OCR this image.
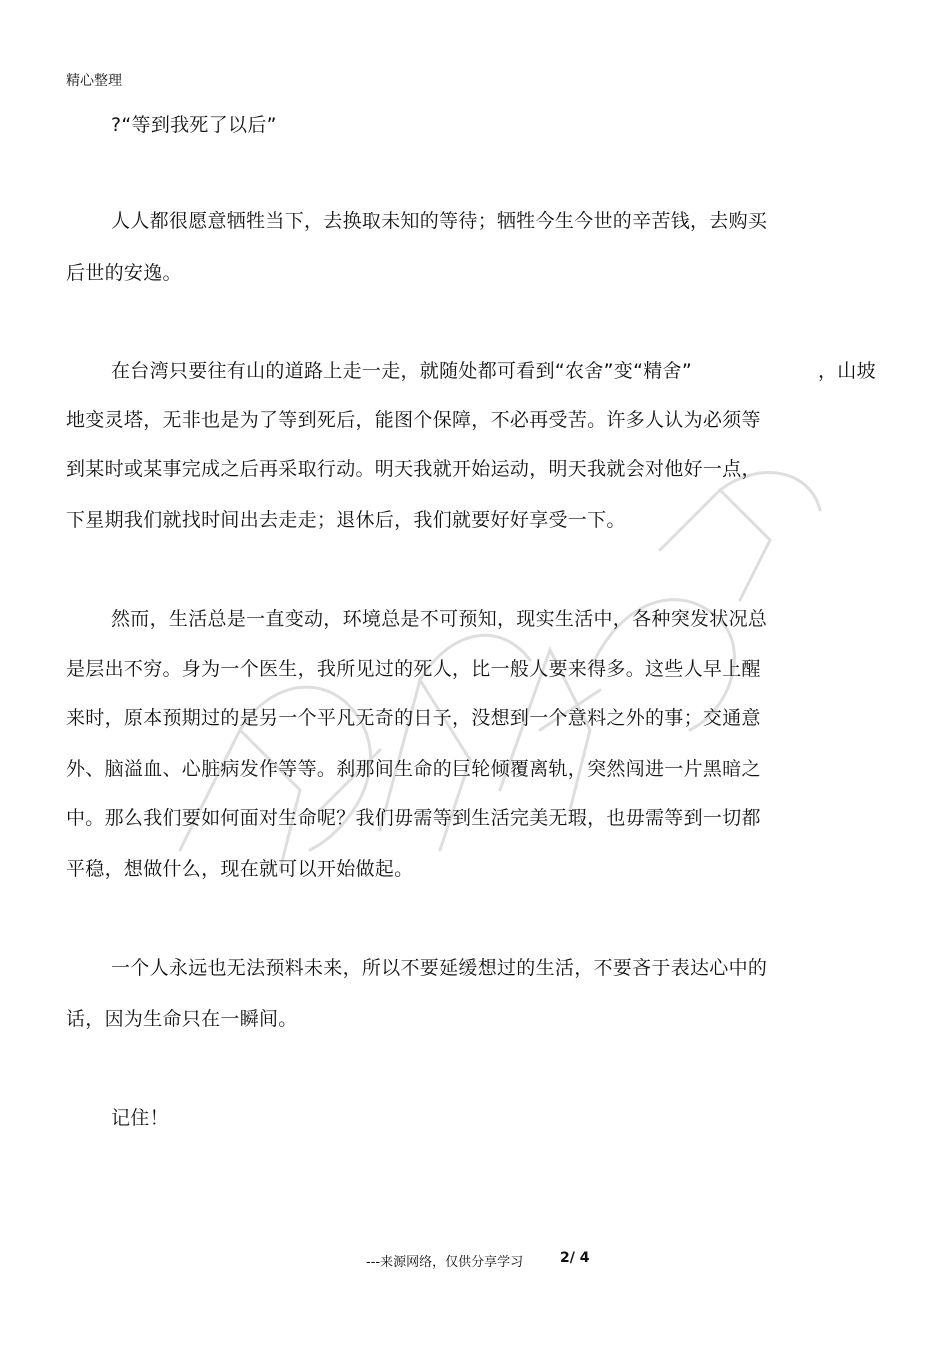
精心整理
?“等到我死了以后”
人人都很愿意牺牲当下，去换取未知的等待；牺牲今生今世的辛苦钱，去购买
后世的安逸。
在台湾只要往有山的道路上走一走，就随处都可看到“农舍”变“精舍”	，山坡
地变灵塔，无非也是为了等到死后，能图个保障，不必再受苦。许多人认为必须等
到某时或某事完成之后再采取行动。明天我就开始运动，明天我就会对他好一点，
下星期我们就找时间出去走走；退休后，我们就要好好享受一下。
然而，生活总是一直变动，环境总是不可预知，现实生活中，各种突发状况总
是层出不穷。身为一个医生，我所见过的死人，比一般人要来得多。这些人早上醒
来时，原本预期过的是另一个平凡无奇的日子，没想到一个意料之外的事；交通意
外、脑溢血、心脏病发作等等。刹那间生命的巨轮倾覆离轨，突然闯进一片黑暗之
中。那么我们要如何面对生命呢？我们毋需等到生活完美无瑕，也毋需等到一切都
平稳，想做什么，现在就可以开始做起。
一个人永远也无法预料未来，所以不要延缓想过的生活，不要吝于表达心中的
话，因为生命只在一瞬间。
记住！
---来源网络，仅供分享学习	2/ 4
